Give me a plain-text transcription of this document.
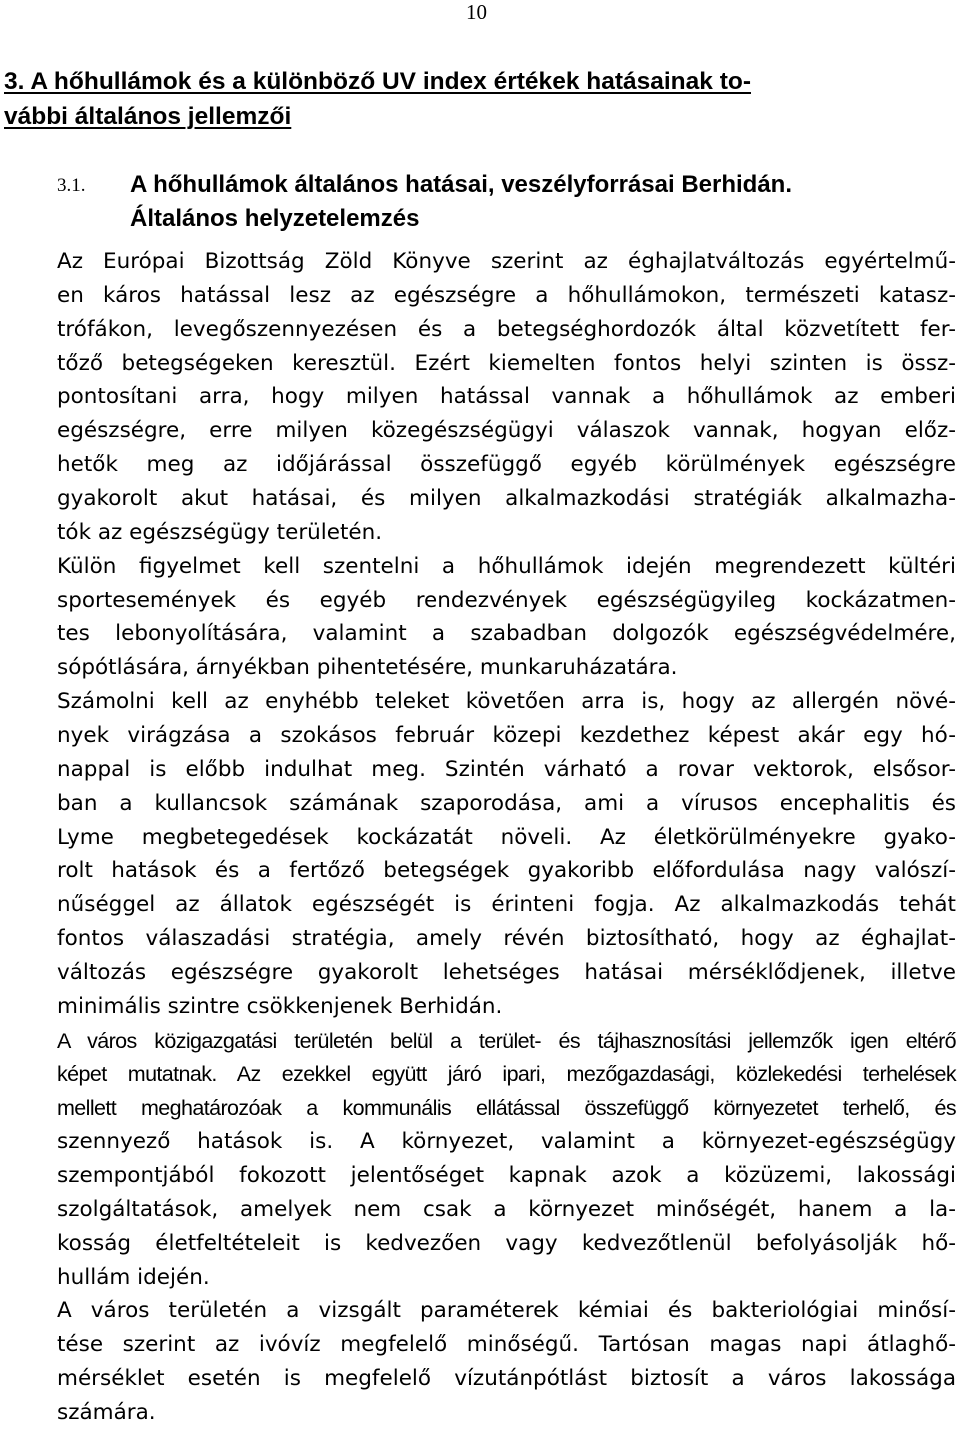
10
3. A hőhullámok és a különböző UV index értékek hatásainak to-
vábbi általános jellemzői
3.1. A hőhullámok általános hatásai, veszélyforrásai Berhidán.
Általános helyzetelemzés
Az Európai Bizottság Zöld Könyve szerint az éghajlatváltozás egyértelmű-
en káros hatással lesz az egészségre a hőhullámokon, természeti katasz-
trófákon, levegőszennyezésen és a betegséghordozók által közvetített fer-
tőző betegségeken keresztül. Ezért kiemelten fontos helyi szinten is össz-
pontosítani arra, hogy milyen hatással vannak a hőhullámok az emberi
egészségre, erre milyen közegészségügyi válaszok vannak, hogyan előz-
hetők meg az időjárással összefüggő egyéb körülmények egészségre
gyakorolt akut hatásai, és milyen alkalmazkodási stratégiák alkalmazha-
tók az egészségügy területén.
Külön figyelmet kell szentelni a hőhullámok idején megrendezett kültéri
sportesemények és egyéb rendezvények egészségügyileg kockázatmen-
tes lebonyolítására, valamint a szabadban dolgozók egészségvédelmére,
sópótlására, árnyékban pihentetésére, munkaruházatára.
Számolni kell az enyhébb teleket követően arra is, hogy az allergén növé-
nyek virágzása a szokásos február közepi kezdethez képest akár egy hó-
nappal is előbb indulhat meg. Szintén várható a rovar vektorok, elsősor-
ban a kullancsok számának szaporodása, ami a vírusos encephalitis és
Lyme megbetegedések kockázatát növeli. Az életkörülményekre gyako-
rolt hatások és a fertőző betegségek gyakoribb előfordulása nagy valószí-
nűséggel az állatok egészségét is érinteni fogja. Az alkalmazkodás tehát
fontos válaszadási stratégia, amely révén biztosítható, hogy az éghajlat-
változás egészségre gyakorolt lehetséges hatásai mérséklődjenek, illetve
minimális szintre csökkenjenek Berhidán.
A város közigazgatási területén belül a terület- és tájhasznosítási jellemzők igen eltérő
képet mutatnak. Az ezekkel együtt járó ipari, mezőgazdasági, közlekedési terhelések
mellett meghatározóak a kommunális ellátással összefüggő környezetet terhelő, és
szennyező hatások is. A környezet, valamint a környezet-egészségügy
szempontjából fokozott jelentőséget kapnak azok a közüzemi, lakossági
szolgáltatások, amelyek nem csak a környezet minőségét, hanem a la-
kosság életfeltételeit is kedvezően vagy kedvezőtlenül befolyásolják hő-
hullám idején.
A város területén a vizsgált paraméterek kémiai és bakteriológiai minősí-
tése szerint az ivóvíz megfelelő minőségű. Tartósan magas napi átlaghő-
mérséklet esetén is megfelelő vízutánpótlást biztosít a város lakossága
számára.
